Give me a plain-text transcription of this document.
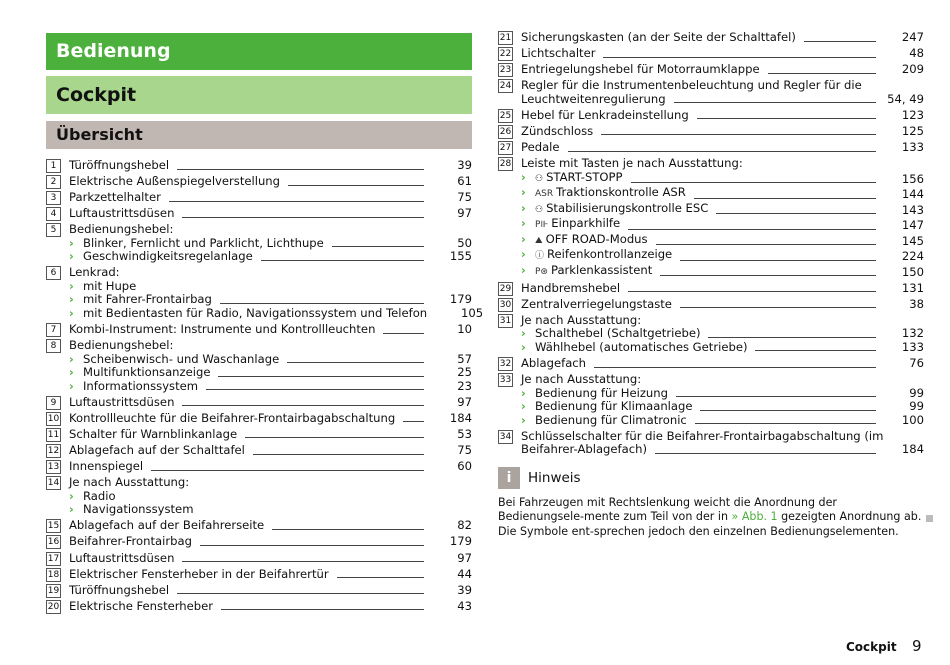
Bedienung
Cockpit
Übersicht
1	Türöffnungshebel	39
2	Elektrische Außenspiegelverstellung	61
3	Parkzettelhalter	75
4	Luftaustrittsdüsen	97
5	Bedienungshebel:
› Blinker, Fernlicht und Parklicht, Lichthupe	50
› Geschwindigkeitsregelanlage	155
6	Lenkrad:
› mit Hupe
› mit Fahrer-Frontairbag	179
› mit Bedientasten für Radio, Navigationssystem und Telefon	105
7	Kombi-Instrument: Instrumente und Kontrollleuchten	10
8	Bedienungshebel:
› Scheibenwisch- und Waschanlage	57
› Multifunktionsanzeige	25
› Informationssystem	23
9	Luftaustrittsdüsen	97
10 Kontrollleuchte für die Beifahrer-Frontairbagabschaltung	184
11 Schalter für Warnblinkanlage	53
12 Ablagefach auf der Schalttafel	75
13 Innenspiegel	60
14 Je nach Ausstattung:
› Radio
› Navigationssystem
15 Ablagefach auf der Beifahrerseite	82
16 Beifahrer-Frontairbag	179
17 Luftaustrittsdüsen	97
18 Elektrischer Fensterheber in der Beifahrertür	44
19 Türöffnungshebel	39
20 Elektrische Fensterheber	43
21 Sicherungskasten (an der Seite der Schalttafel)	247
22 Lichtschalter	48
23 Entriegelungshebel für Motorraumklappe	209
24 Regler für die Instrumentenbeleuchtung und Regler für die
Leuchtweitenregulierung	54, 49
25 Hebel für Lenkradeinstellung	123
26 Zündschloss	125
27 Pedale	133
28 Leiste mit Tasten je nach Ausstattung:
› ⚇ START-STOPP	156
› ASR Traktionskontrolle ASR	144
› ⚇ Stabilisierungskontrolle ESC	143
› P⊪ Einparkhilfe	147
› ⛰ OFF ROAD-Modus	145
› ⓘ Reifenkontrollanzeige	224
› P⊛ Parklenkassistent	150
29 Handbremshebel	131
30 Zentralverriegelungstaste	38
31 Je nach Ausstattung:
› Schalthebel (Schaltgetriebe)	132
› Wählhebel (automatisches Getriebe)	133
32 Ablagefach	76
33 Je nach Ausstattung:
› Bedienung für Heizung	99
› Bedienung für Klimaanlage	99
› Bedienung für Climatronic	100
34 Schlüsselschalter für die Beifahrer-Frontairbagabschaltung (im
Beifahrer-Ablagefach)	184
i	Hinweis
Bei Fahrzeugen mit Rechtslenkung weicht die Anordnung der Bedienungsele-mente zum Teil von der in » Abb. 1 gezeigten Anordnung ab. Die Symbole ent-sprechen jedoch den einzelnen Bedienungselementen.
Cockpit 9
